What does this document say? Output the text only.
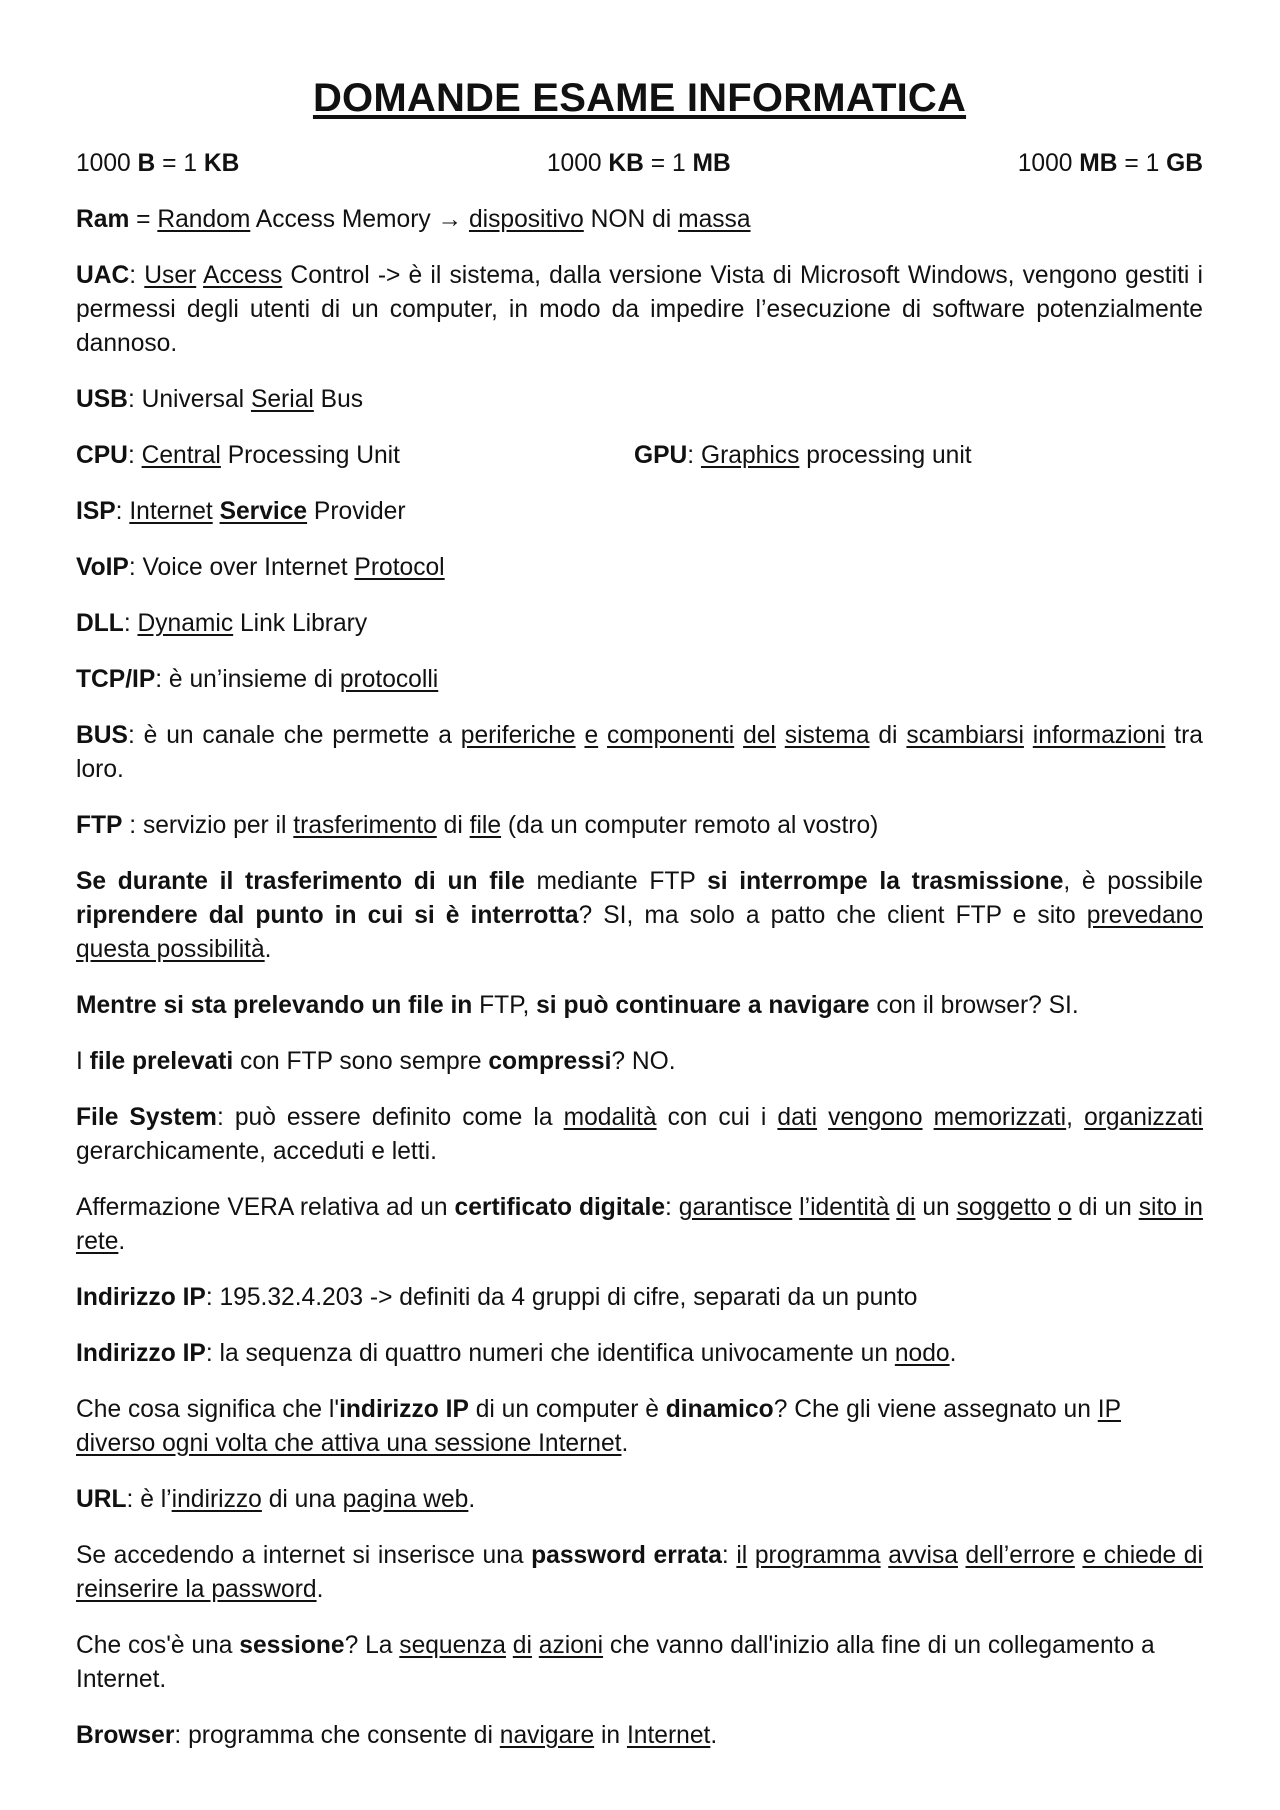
DOMANDE ESAME INFORMATICA
1000 B = 1 KB	1000 KB = 1 MB	1000 MB = 1 GB

Ram = Random Access Memory → dispositivo NON di massa

UAC: User Access Control -> è il sistema, dalla versione Vista di Microsoft Windows, vengono gestiti i permessi degli utenti di un computer, in modo da impedire l’esecuzione di software potenzialmente dannoso.

USB: Universal Serial Bus

CPU: Central Processing Unit	GPU: Graphics processing unit

ISP: Internet Service Provider

VoIP: Voice over Internet Protocol

DLL: Dynamic Link Library

TCP/IP: è un’insieme di protocolli

BUS: è un canale che permette a periferiche e componenti del sistema di scambiarsi informazioni tra loro.

FTP : servizio per il trasferimento di file (da un computer remoto al vostro)

Se durante il trasferimento di un file mediante FTP si interrompe la trasmissione, è possibile riprendere dal punto in cui si è interrotta? SI, ma solo a patto che client FTP e sito prevedano questa possibilità.

Mentre si sta prelevando un file in FTP, si può continuare a navigare con il browser? SI.

I file prelevati con FTP sono sempre compressi? NO.

File System: può essere definito come la modalità con cui i dati vengono memorizzati, organizzati gerarchicamente, acceduti e letti.

Affermazione VERA relativa ad un certificato digitale: garantisce l’identità di un soggetto o di un sito in rete.

Indirizzo IP: 195.32.4.203 -> definiti da 4 gruppi di cifre, separati da un punto

Indirizzo IP: la sequenza di quattro numeri che identifica univocamente un nodo.

Che cosa significa che l'indirizzo IP di un computer è dinamico? Che gli viene assegnato un IP diverso ogni volta che attiva una sessione Internet.

URL: è l’indirizzo di una pagina web.

Se accedendo a internet si inserisce una password errata: il programma avvisa dell’errore e chiede di reinserire la password.

Che cos'è una sessione? La sequenza di azioni che vanno dall'inizio alla fine di un collegamento a Internet.

Browser: programma che consente di navigare in Internet.
